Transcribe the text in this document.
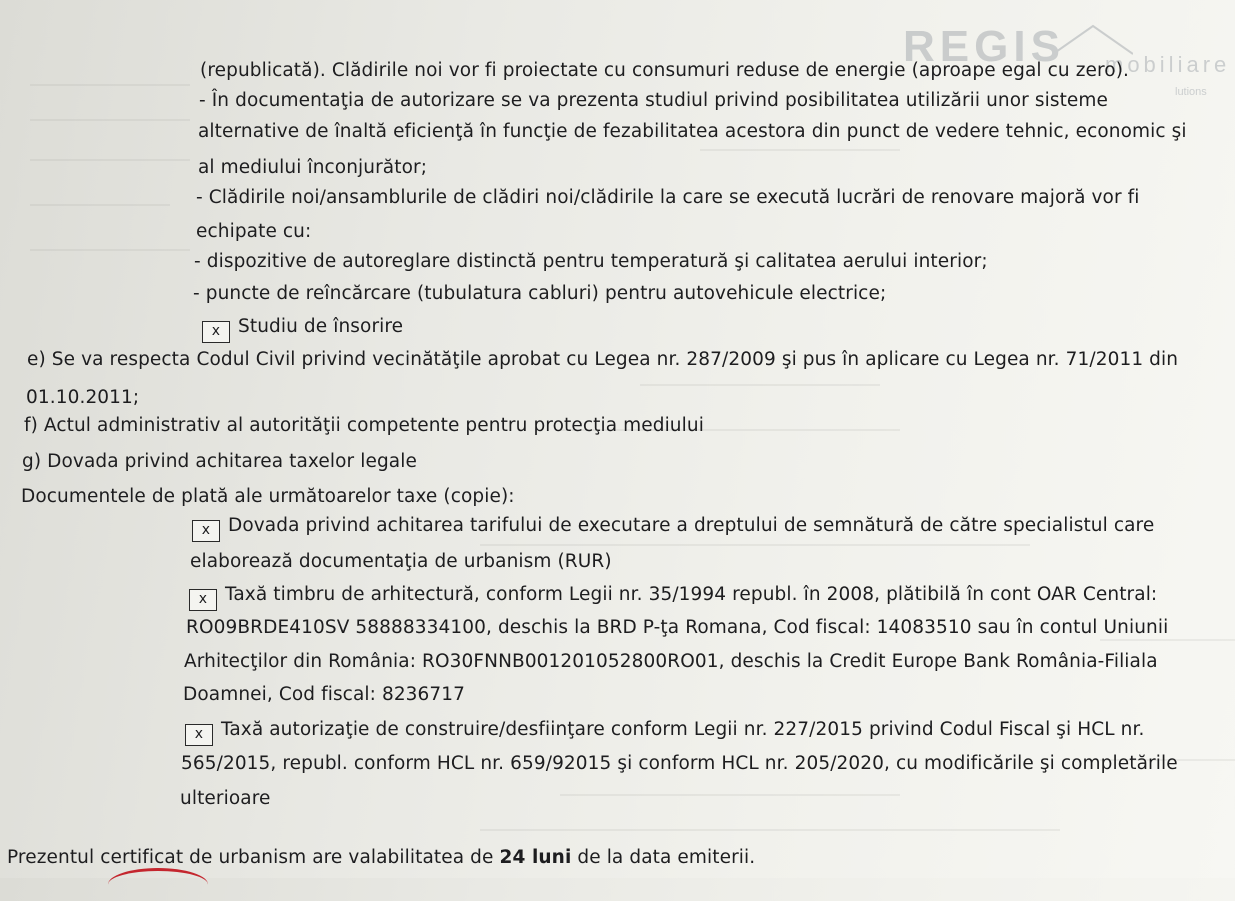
REGIS mobiliare
lutions
(republicată). Clădirile noi vor fi proiectate cu consumuri reduse de energie (aproape egal cu zero).
- În documentaţia de autorizare se va prezenta studiul privind posibilitatea utilizării unor sisteme
alternative de înaltă eficienţă în funcţie de fezabilitatea acestora din punct de vedere tehnic, economic şi
al mediului înconjurător;
- Clădirile noi/ansamblurile de clădiri noi/clădirile la care se execută lucrări de renovare majoră vor fi
echipate cu:
- dispozitive de autoreglare distinctă pentru temperatură şi calitatea aerului interior;
- puncte de reîncărcare (tubulatura cabluri) pentru autovehicule electrice;
x Studiu de însorire
e) Se va respecta Codul Civil privind vecinătăţile aprobat cu Legea nr. 287/2009 şi pus în aplicare cu Legea nr. 71/2011 din
01.10.2011;
f) Actul administrativ al autorităţii competente pentru protecţia mediului
g) Dovada privind achitarea taxelor legale
Documentele de plată ale următoarelor taxe (copie):
x Dovada privind achitarea tarifului de executare a dreptului de semnătură de către specialistul care
elaborează documentaţia de urbanism (RUR)
x Taxă timbru de arhitectură, conform Legii nr. 35/1994 republ. în 2008, plătibilă în cont OAR Central:
RO09BRDE410SV 58888334100, deschis la BRD P-ţa Romana, Cod fiscal: 14083510 sau în contul Uniunii
Arhitecţilor din România: RO30FNNB001201052800RO01, deschis la Credit Europe Bank România-Filiala
Doamnei, Cod fiscal: 8236717
x Taxă autorizaţie de construire/desfiinţare conform Legii nr. 227/2015 privind Codul Fiscal şi HCL nr.
565/2015, republ. conform HCL nr. 659/92015 şi conform HCL nr. 205/2020, cu modificările şi completările
ulterioare
Prezentul certificat de urbanism are valabilitatea de 24 luni de la data emiterii.
